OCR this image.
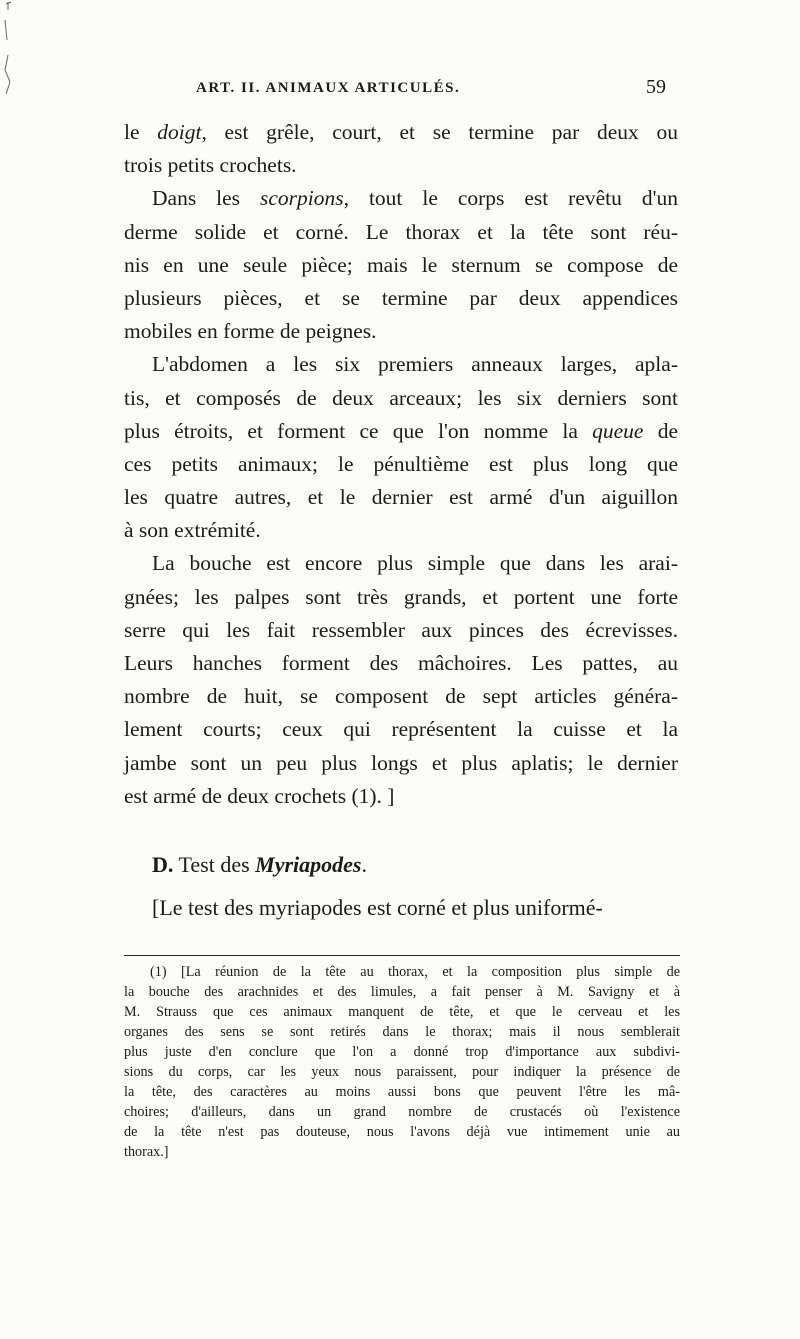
ART. II. ANIMAUX ARTICULÉS.	59
le doigt, est grêle, court, et se termine par deux ou
trois petits crochets.
Dans les scorpions, tout le corps est revêtu d'un
derme solide et corné. Le thorax et la tête sont réu-
nis en une seule pièce; mais le sternum se compose de
plusieurs pièces, et se termine par deux appendices
mobiles en forme de peignes.
L'abdomen a les six premiers anneaux larges, apla-
tis, et composés de deux arceaux; les six derniers sont
plus étroits, et forment ce que l'on nomme la queue de
ces petits animaux; le pénultième est plus long que
les quatre autres, et le dernier est armé d'un aiguillon
à son extrémité.
La bouche est encore plus simple que dans les arai-
gnées; les palpes sont très grands, et portent une forte
serre qui les fait ressembler aux pinces des écrevisses.
Leurs hanches forment des mâchoires. Les pattes, au
nombre de huit, se composent de sept articles généra-
lement courts; ceux qui représentent la cuisse et la
jambe sont un peu plus longs et plus aplatis; le dernier
est armé de deux crochets (1). ]
D. Test des Myriapodes.
[Le test des myriapodes est corné et plus uniformé-
(1) [La réunion de la tête au thorax, et la composition plus simple de
la bouche des arachnides et des limules, a fait penser à M. Savigny et à
M. Strauss que ces animaux manquent de tête, et que le cerveau et les
organes des sens se sont retirés dans le thorax; mais il nous semblerait
plus juste d'en conclure que l'on a donné trop d'importance aux subdivi-
sions du corps, car les yeux nous paraissent, pour indiquer la présence de
la tête, des caractères au moins aussi bons que peuvent l'être les mâ-
choires; d'ailleurs, dans un grand nombre de crustacés où l'existence
de la tête n'est pas douteuse, nous l'avons déjà vue intimement unie au
thorax.]
